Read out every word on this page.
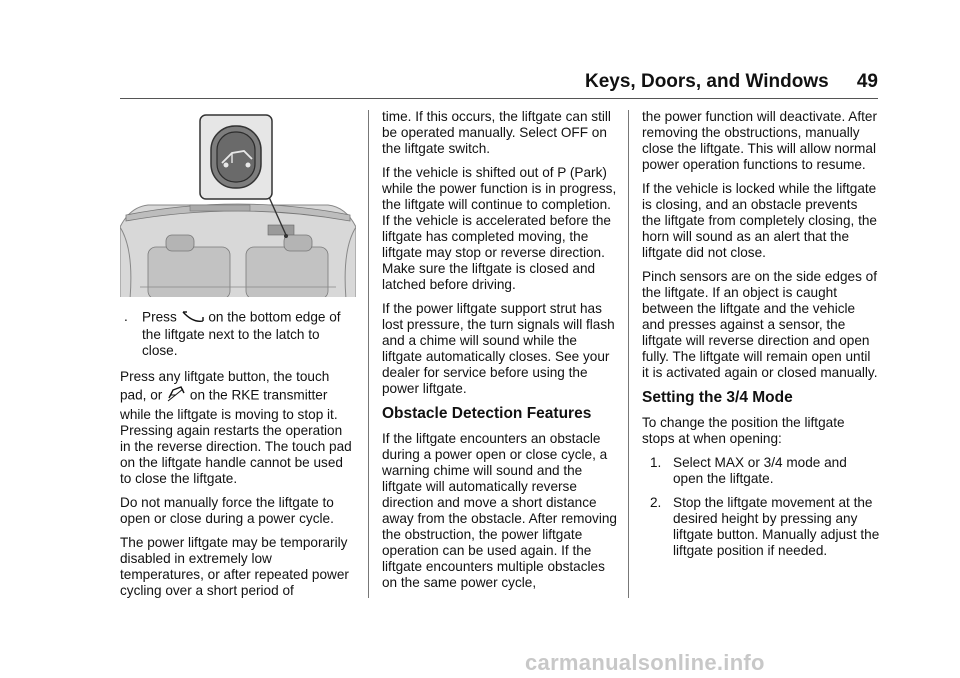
Keys, Doors, and Windows 49
. Press on the bottom edge of the liftgate next to the latch to close.

Press any liftgate button, the touch pad, or on the RKE transmitter while the liftgate is moving to stop it. Pressing again restarts the operation in the reverse direction. The touch pad on the liftgate handle cannot be used to close the liftgate.

Do not manually force the liftgate to open or close during a power cycle.

The power liftgate may be temporarily disabled in extremely low temperatures, or after repeated power cycling over a short period of

time. If this occurs, the liftgate can still be operated manually. Select OFF on the liftgate switch.

If the vehicle is shifted out of P (Park) while the power function is in progress, the liftgate will continue to completion. If the vehicle is accelerated before the liftgate has completed moving, the liftgate may stop or reverse direction. Make sure the liftgate is closed and latched before driving.

If the power liftgate support strut has lost pressure, the turn signals will flash and a chime will sound while the liftgate automatically closes. See your dealer for service before using the power liftgate.

Obstacle Detection Features

If the liftgate encounters an obstacle during a power open or close cycle, a warning chime will sound and the liftgate will automatically reverse direction and move a short distance away from the obstacle. After removing the obstruction, the power liftgate operation can be used again. If the liftgate encounters multiple obstacles on the same power cycle,

the power function will deactivate. After removing the obstructions, manually close the liftgate. This will allow normal power operation functions to resume.

If the vehicle is locked while the liftgate is closing, and an obstacle prevents the liftgate from completely closing, the horn will sound as an alert that the liftgate did not close.

Pinch sensors are on the side edges of the liftgate. If an object is caught between the liftgate and the vehicle and presses against a sensor, the liftgate will reverse direction and open fully. The liftgate will remain open until it is activated again or closed manually.

Setting the 3/4 Mode

To change the position the liftgate stops at when opening:

1. Select MAX or 3/4 mode and open the liftgate.
2. Stop the liftgate movement at the desired height by pressing any liftgate button. Manually adjust the liftgate position if needed.
carmanualsonline.info
